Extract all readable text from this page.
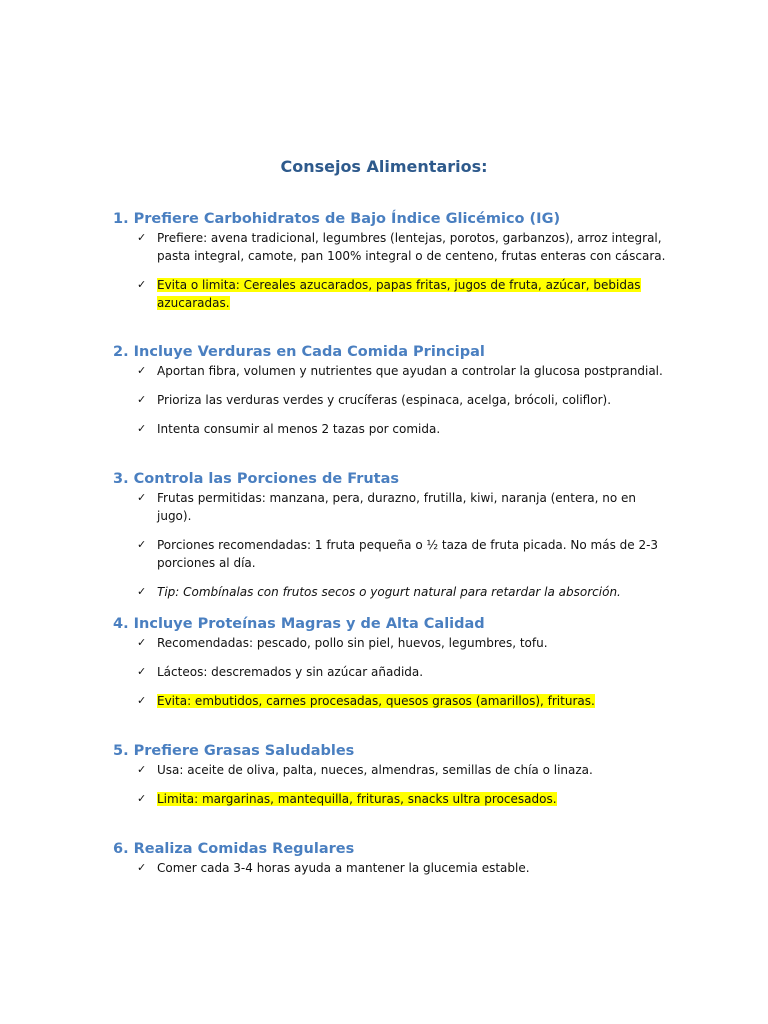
Consejos Alimentarios:
1. Prefiere Carbohidratos de Bajo Índice Glicémico (IG)
✓ Prefiere: avena tradicional, legumbres (lentejas, porotos, garbanzos), arroz integral, pasta integral, camote, pan 100% integral o de centeno, frutas enteras con cáscara.
✓ Evita o limita: Cereales azucarados, papas fritas, jugos de fruta, azúcar, bebidas azucaradas.
2. Incluye Verduras en Cada Comida Principal
✓ Aportan fibra, volumen y nutrientes que ayudan a controlar la glucosa postprandial.
✓ Prioriza las verduras verdes y crucíferas (espinaca, acelga, brócoli, coliflor).
✓ Intenta consumir al menos 2 tazas por comida.
3. Controla las Porciones de Frutas
✓ Frutas permitidas: manzana, pera, durazno, frutilla, kiwi, naranja (entera, no en jugo).
✓ Porciones recomendadas: 1 fruta pequeña o ½ taza de fruta picada. No más de 2-3 porciones al día.
✓ Tip: Combínalas con frutos secos o yogurt natural para retardar la absorción.
4. Incluye Proteínas Magras y de Alta Calidad
✓ Recomendadas: pescado, pollo sin piel, huevos, legumbres, tofu.
✓ Lácteos: descremados y sin azúcar añadida.
✓ Evita: embutidos, carnes procesadas, quesos grasos (amarillos), frituras.
5. Prefiere Grasas Saludables
✓ Usa: aceite de oliva, palta, nueces, almendras, semillas de chía o linaza.
✓ Limita: margarinas, mantequilla, frituras, snacks ultra procesados.
6. Realiza Comidas Regulares
✓ Comer cada 3-4 horas ayuda a mantener la glucemia estable.
